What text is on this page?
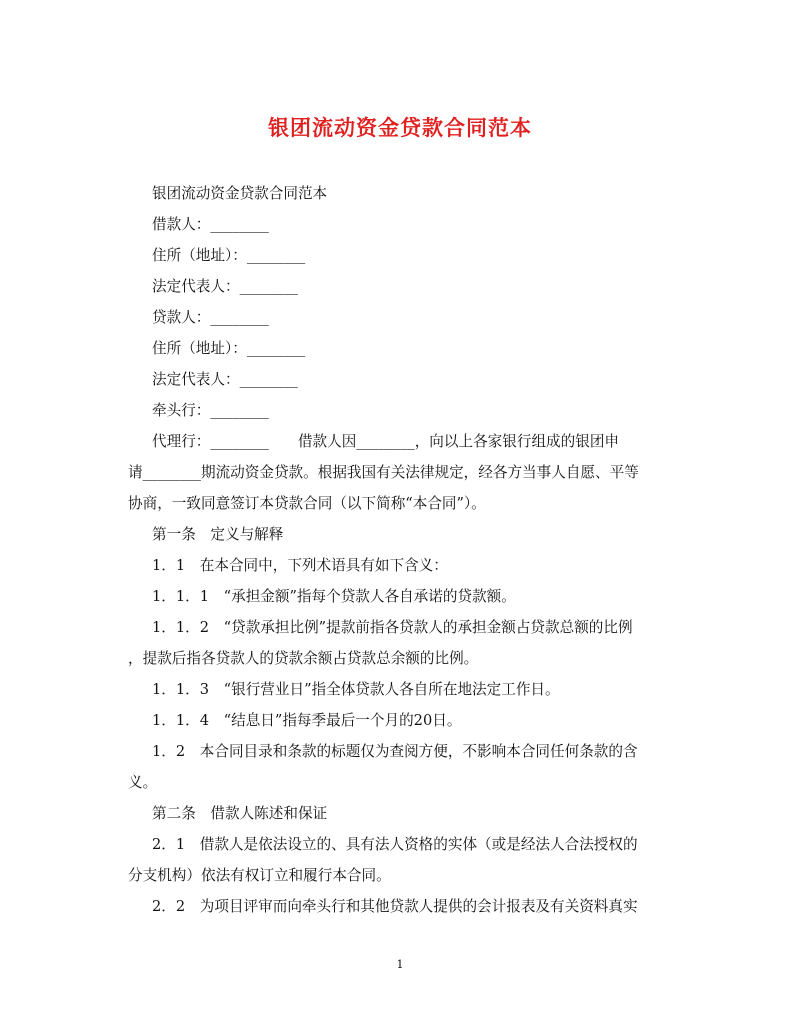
银团流动资金贷款合同范本

银团流动资金贷款合同范本

借款人：________

住所（地址）：________

法定代表人：________

贷款人：________

住所（地址）：________

法定代表人：________

牵头行：________

代理行：________　　借款人因________，向以上各家银行组成的银团申

请________期流动资金贷款。根据我国有关法律规定，经各方当事人自愿、平等

协商，一致同意签订本贷款合同（以下简称“本合同”）。

第一条　定义与解释

1．1　在本合同中，下列术语具有如下含义：

1．1．1　“承担金额”指每个贷款人各自承诺的贷款额。

1．1．2　“贷款承担比例”提款前指各贷款人的承担金额占贷款总额的比例

，提款后指各贷款人的贷款余额占贷款总余额的比例。

1．1．3　“银行营业日”指全体贷款人各自所在地法定工作日。

1．1．4　“结息日”指每季最后一个月的20日。

1．2　本合同目录和条款的标题仅为查阅方便，不影响本合同任何条款的含

义。

第二条　借款人陈述和保证

2．1　借款人是依法设立的、具有法人资格的实体（或是经法人合法授权的

分支机构）依法有权订立和履行本合同。

2．2　为项目评审而向牵头行和其他贷款人提供的会计报表及有关资料真实

1
